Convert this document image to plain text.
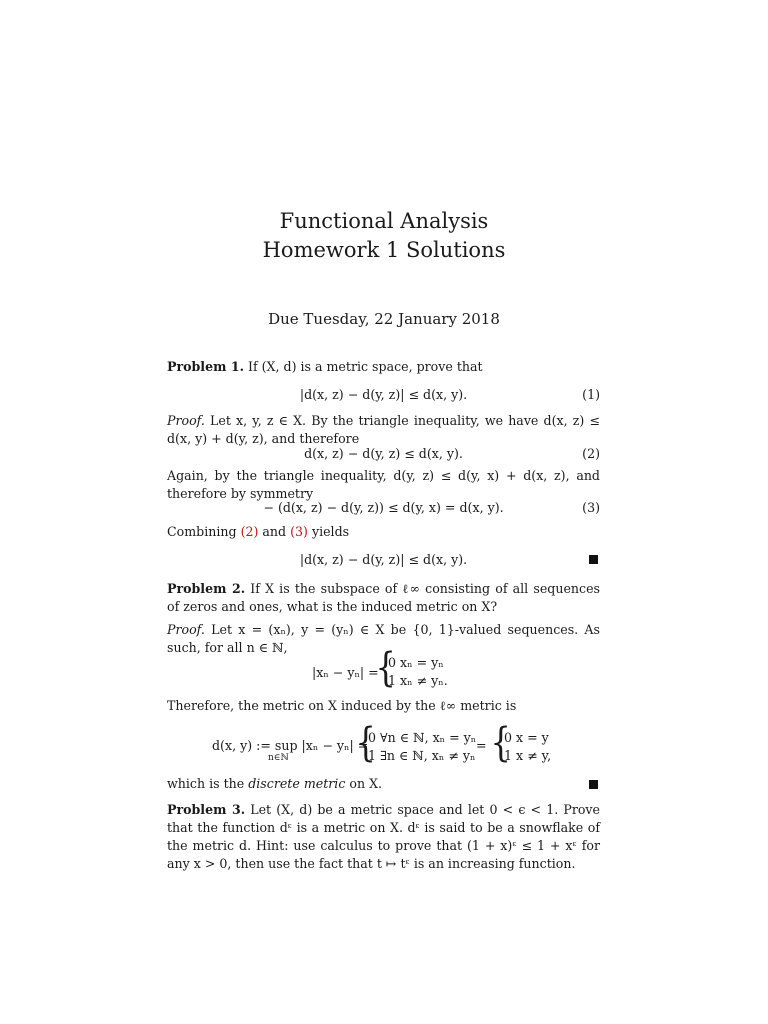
Functional Analysis
Homework 1 Solutions
Due Tuesday, 22 January 2018
Problem 1. If (X, d) is a metric space, prove that
|d(x, z) − d(y, z)| ≤ d(x, y).	(1)
Proof. Let x, y, z ∈ X. By the triangle inequality, we have d(x, z) ≤ d(x, y) + d(y, z), and therefore
d(x, z) − d(y, z) ≤ d(x, y).	(2)
Again, by the triangle inequality, d(y, z) ≤ d(y, x) + d(x, z), and therefore by symmetry
− (d(x, z) − d(y, z)) ≤ d(y, x) = d(x, y).	(3)
Combining (2) and (3) yields
|d(x, z) − d(y, z)| ≤ d(x, y).
Problem 2. If X is the subspace of ℓ∞ consisting of all sequences of zeros and ones, what is the induced metric on X?
Proof. Let x = (xₙ), y = (yₙ) ∈ X be {0, 1}-valued sequences. As such, for all n ∈ ℕ,
|xₙ − yₙ| =
{
0 xₙ = yₙ
1 xₙ ≠ yₙ.
Therefore, the metric on X induced by the ℓ∞ metric is
d(x, y) := sup |xₙ − yₙ| =
n∈ℕ {
0 ∀n ∈ ℕ, xₙ = yₙ
1 ∃n ∈ ℕ, xₙ ≠ yₙ
= {
0 x = y
1 x ≠ y,
which is the discrete metric on X.
Problem 3. Let (X, d) be a metric space and let 0 < ϵ < 1. Prove that the function dᵋ is a metric on X. dᵋ is said to be a snowflake of the metric d. Hint: use calculus to prove that (1 + x)ᵋ ≤ 1 + xᵋ for any x > 0, then use the fact that t ↦ tᵋ is an increasing function.
